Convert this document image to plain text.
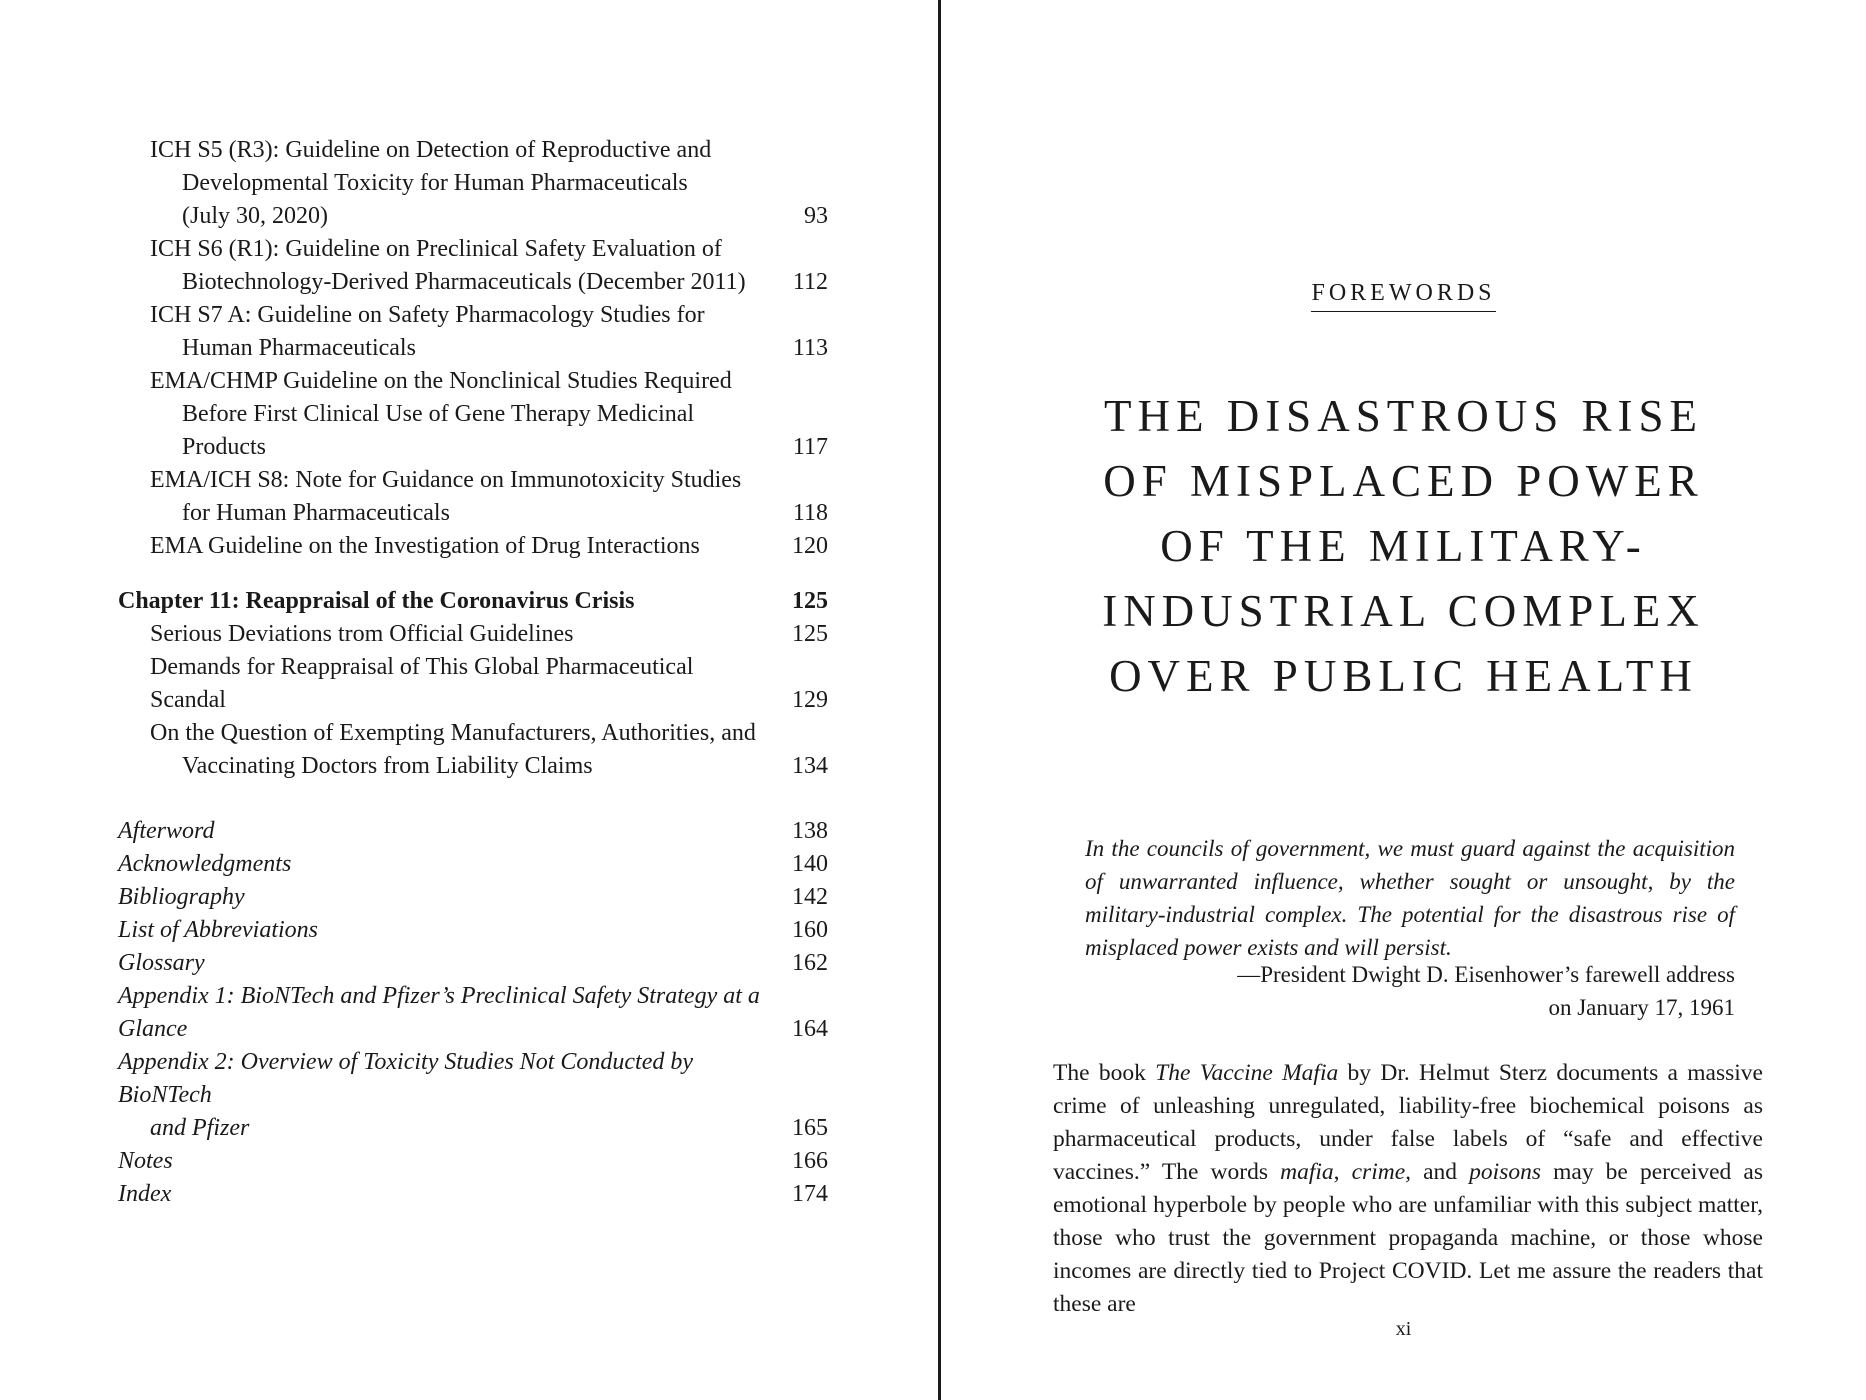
ICH S5 (R3): Guideline on Detection of Reproductive and
Developmental Toxicity for Human Pharmaceuticals
(July 30, 2020)	93
ICH S6 (R1): Guideline on Preclinical Safety Evaluation of
Biotechnology-Derived Pharmaceuticals (December 2011)	112
ICH S7 A: Guideline on Safety Pharmacology Studies for
Human Pharmaceuticals	113
EMA/CHMP Guideline on the Nonclinical Studies Required
Before First Clinical Use of Gene Therapy Medicinal Products	117
EMA/ICH S8: Note for Guidance on Immunotoxicity Studies
for Human Pharmaceuticals	118
EMA Guideline on the Investigation of Drug Interactions	120
Chapter 11: Reappraisal of the Coronavirus Crisis	125
Serious Deviations trom Official Guidelines	125
Demands for Reappraisal of This Global Pharmaceutical Scandal	129
On the Question of Exempting Manufacturers, Authorities, and
Vaccinating Doctors from Liability Claims	134
Afterword	138
Acknowledgments	140
Bibliography	142
List of Abbreviations	160
Glossary	162
Appendix 1: BioNTech and Pfizer’s Preclinical Safety Strategy at a Glance	164
Appendix 2: Overview of Toxicity Studies Not Conducted by BioNTech
and Pfizer	165
Notes	166
Index	174
FOREWORDS
THE DISASTROUS RISE
OF MISPLACED POWER
OF THE MILITARY-
INDUSTRIAL COMPLEX
OVER PUBLIC HEALTH
In the councils of government, we must guard against the acquisition of unwarranted influence, whether sought or unsought, by the military-industrial complex. The potential for the disastrous rise of misplaced power exists and will persist.
—President Dwight D. Eisenhower’s farewell address
on January 17, 1961

The book The Vaccine Mafia by Dr. Helmut Sterz documents a massive crime of unleashing unregulated, liability-free biochemical poisons as pharmaceutical products, under false labels of “safe and effective vaccines.” The words mafia, crime, and poisons may be perceived as emotional hyperbole by people who are unfamiliar with this subject matter, those who trust the government propaganda machine, or those whose incomes are directly tied to Project COVID. Let me assure the readers that these are

xi
